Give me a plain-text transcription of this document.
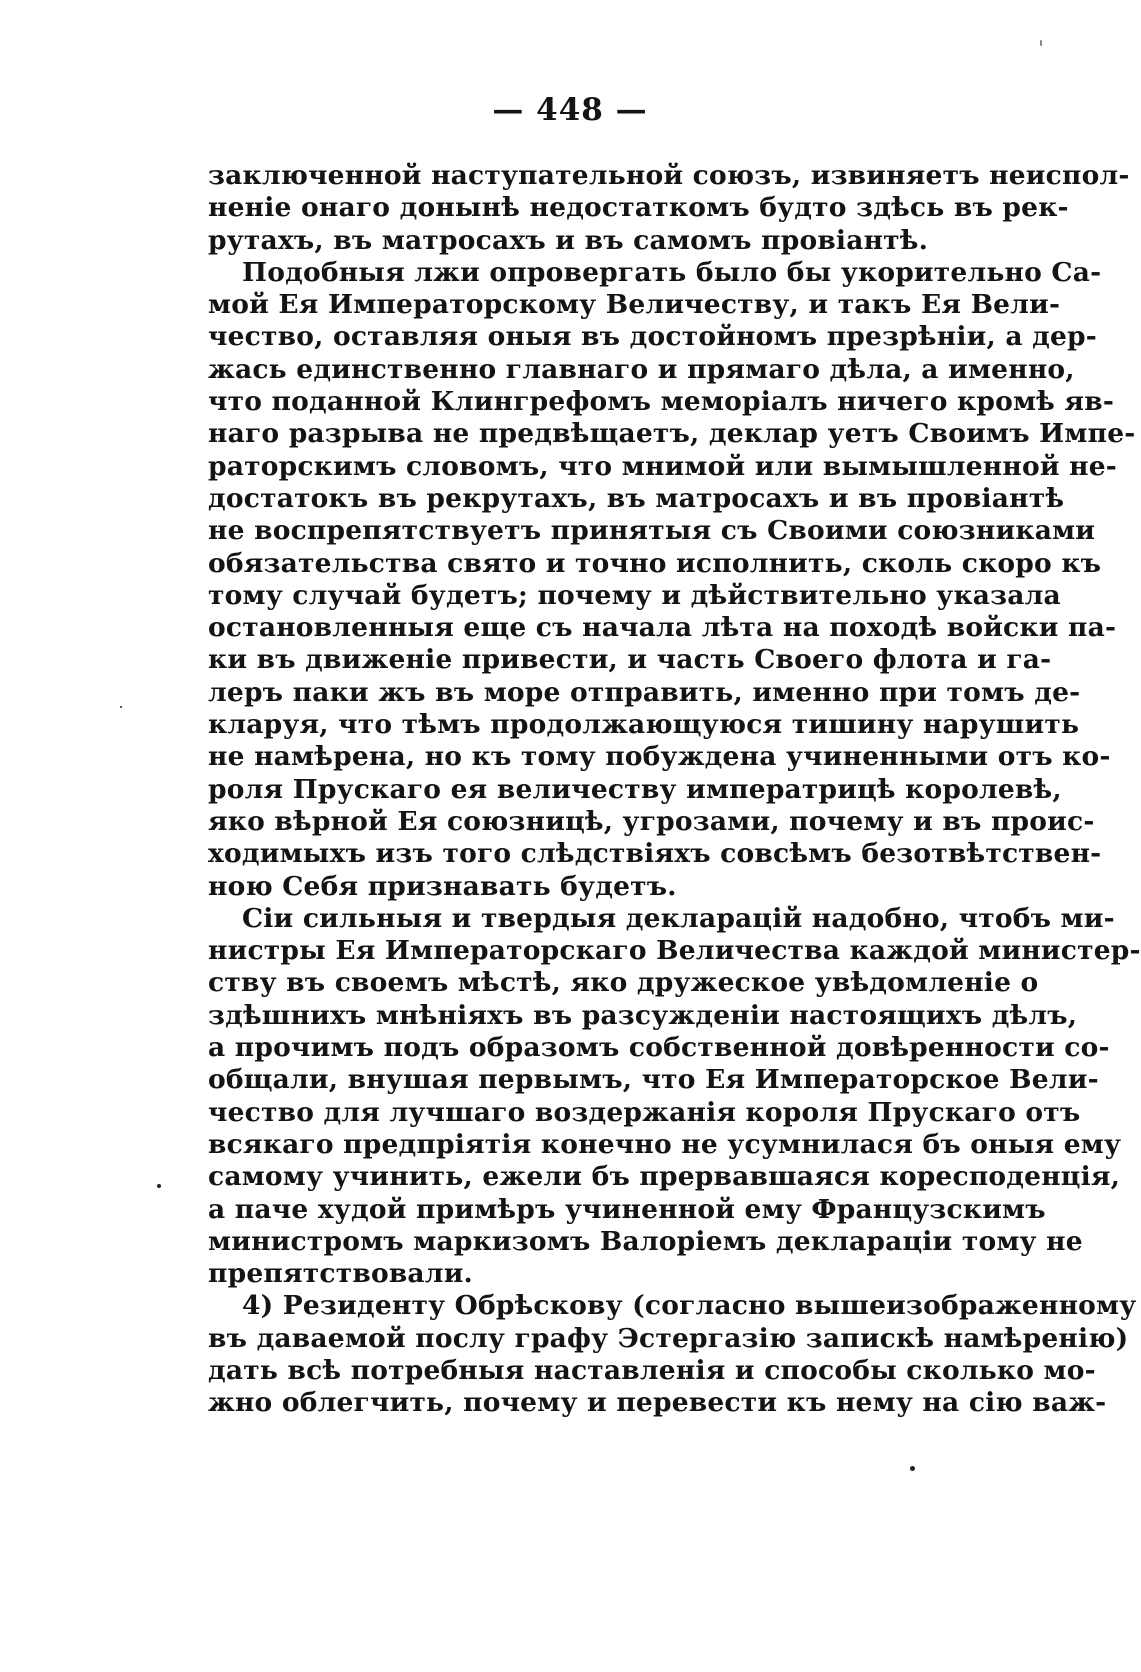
— 448 —
заключенной наступательной союзъ, извиняетъ неиспол-
неніе онаго донынѣ недостаткомъ будто здѣсь въ рек-
рутахъ, въ матросахъ и въ самомъ провіантѣ.
Подобныя лжи опровергать было бы укорительно Са-
мой Ея Императорскому Величеству, и такъ Ея Вели-
чество, оставляя оныя въ достойномъ презрѣніи, а дер-
жась единственно главнаго и прямаго дѣла, а именно,
что поданной Клингрефомъ меморіалъ ничего кромѣ яв-
наго разрыва не предвѣщаетъ, деклар уетъ Своимъ Импе-
раторскимъ словомъ, что мнимой или вымышленной не-
достатокъ въ рекрутахъ, въ матросахъ и въ провіантѣ
не воспрепятствуетъ принятыя съ Своими союзниками
обязательства свято и точно исполнить, сколь скоро къ
тому случай будетъ; почему и дѣйствительно указала
остановленныя еще съ начала лѣта на походѣ войски па-
ки въ движеніе привести, и часть Своего флота и га-
леръ паки жъ въ море отправить, именно при томъ де-
кларуя, что тѣмъ продолжающуюся тишину нарушить
не намѣрена, но къ тому побуждена учиненными отъ ко-
роля Прускаго ея величеству императрицѣ королевѣ,
яко вѣрной Ея союзницѣ, угрозами, почему и въ проис-
ходимыхъ изъ того слѣдствіяхъ совсѣмъ безотвѣтствен-
ною Себя признавать будетъ.
Сіи сильныя и твердыя декларацій надобно, чтобъ ми-
нистры Ея Императорскаго Величества каждой министер-
ству въ своемъ мѣстѣ, яко дружеское увѣдомленіе о
здѣшнихъ мнѣніяхъ въ разсужденіи настоящихъ дѣлъ,
а прочимъ подъ образомъ собственной довѣренности со-
общали, внушая первымъ, что Ея Императорское Вели-
чество для лучшаго воздержанія короля Прускаго отъ
всякаго предпріятія конечно не усумнилася бъ оныя ему
самому учинить, ежели бъ прервавшаяся коресподенція,
а паче худой примѣръ учиненной ему Французскимъ
министромъ маркизомъ Валоріемъ деклараціи тому не
препятствовали.
4) Резиденту Обрѣскову (согласно вышеизображенному
въ даваемой послу графу Эстергазію запискѣ намѣренію)
дать всѣ потребныя наставленія и способы сколько мо-
жно облегчить, почему и перевести къ нему на сію важ-
